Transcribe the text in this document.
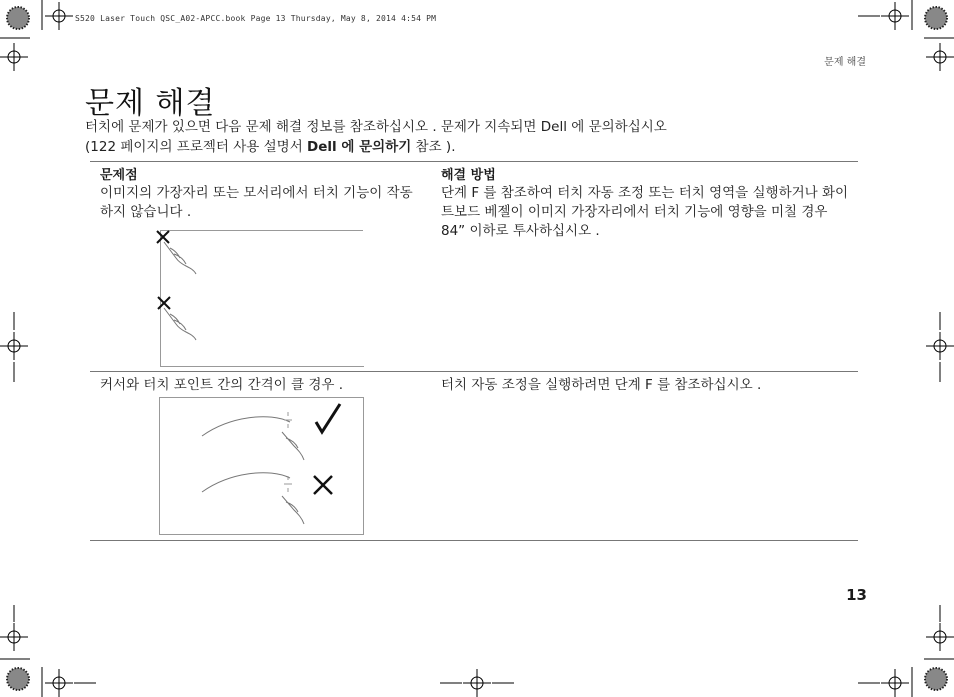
S520 Laser Touch QSC_A02-APCC.book Page 13 Thursday, May 8, 2014 4:54 PM
문제 해결
문제 해결
터치에 문제가 있으면 다음 문제 해결 정보를 참조하십시오 . 문제가 지속되면 Dell 에 문의하십시오
(122 페이지의 프로젝터 사용 설명서 Dell 에 문의하기 참조 ).
문제점	해결 방법
이미지의 가장자리 또는 모서리에서 터치 기능이 작동하지 않습니다 .
단계 F 를 참조하여 터치 자동 조정 또는 터치 영역을 실행하거나 화이트보드 베젤이 이미지 가장자리에서 터치 기능에 영향을 미칠 경우 84” 이하로 투사하십시오 .
커서와 터치 포인트 간의 간격이 클 경우 .	터치 자동 조정을 실행하려면 단계 F 를 참조하십시오 .
13
